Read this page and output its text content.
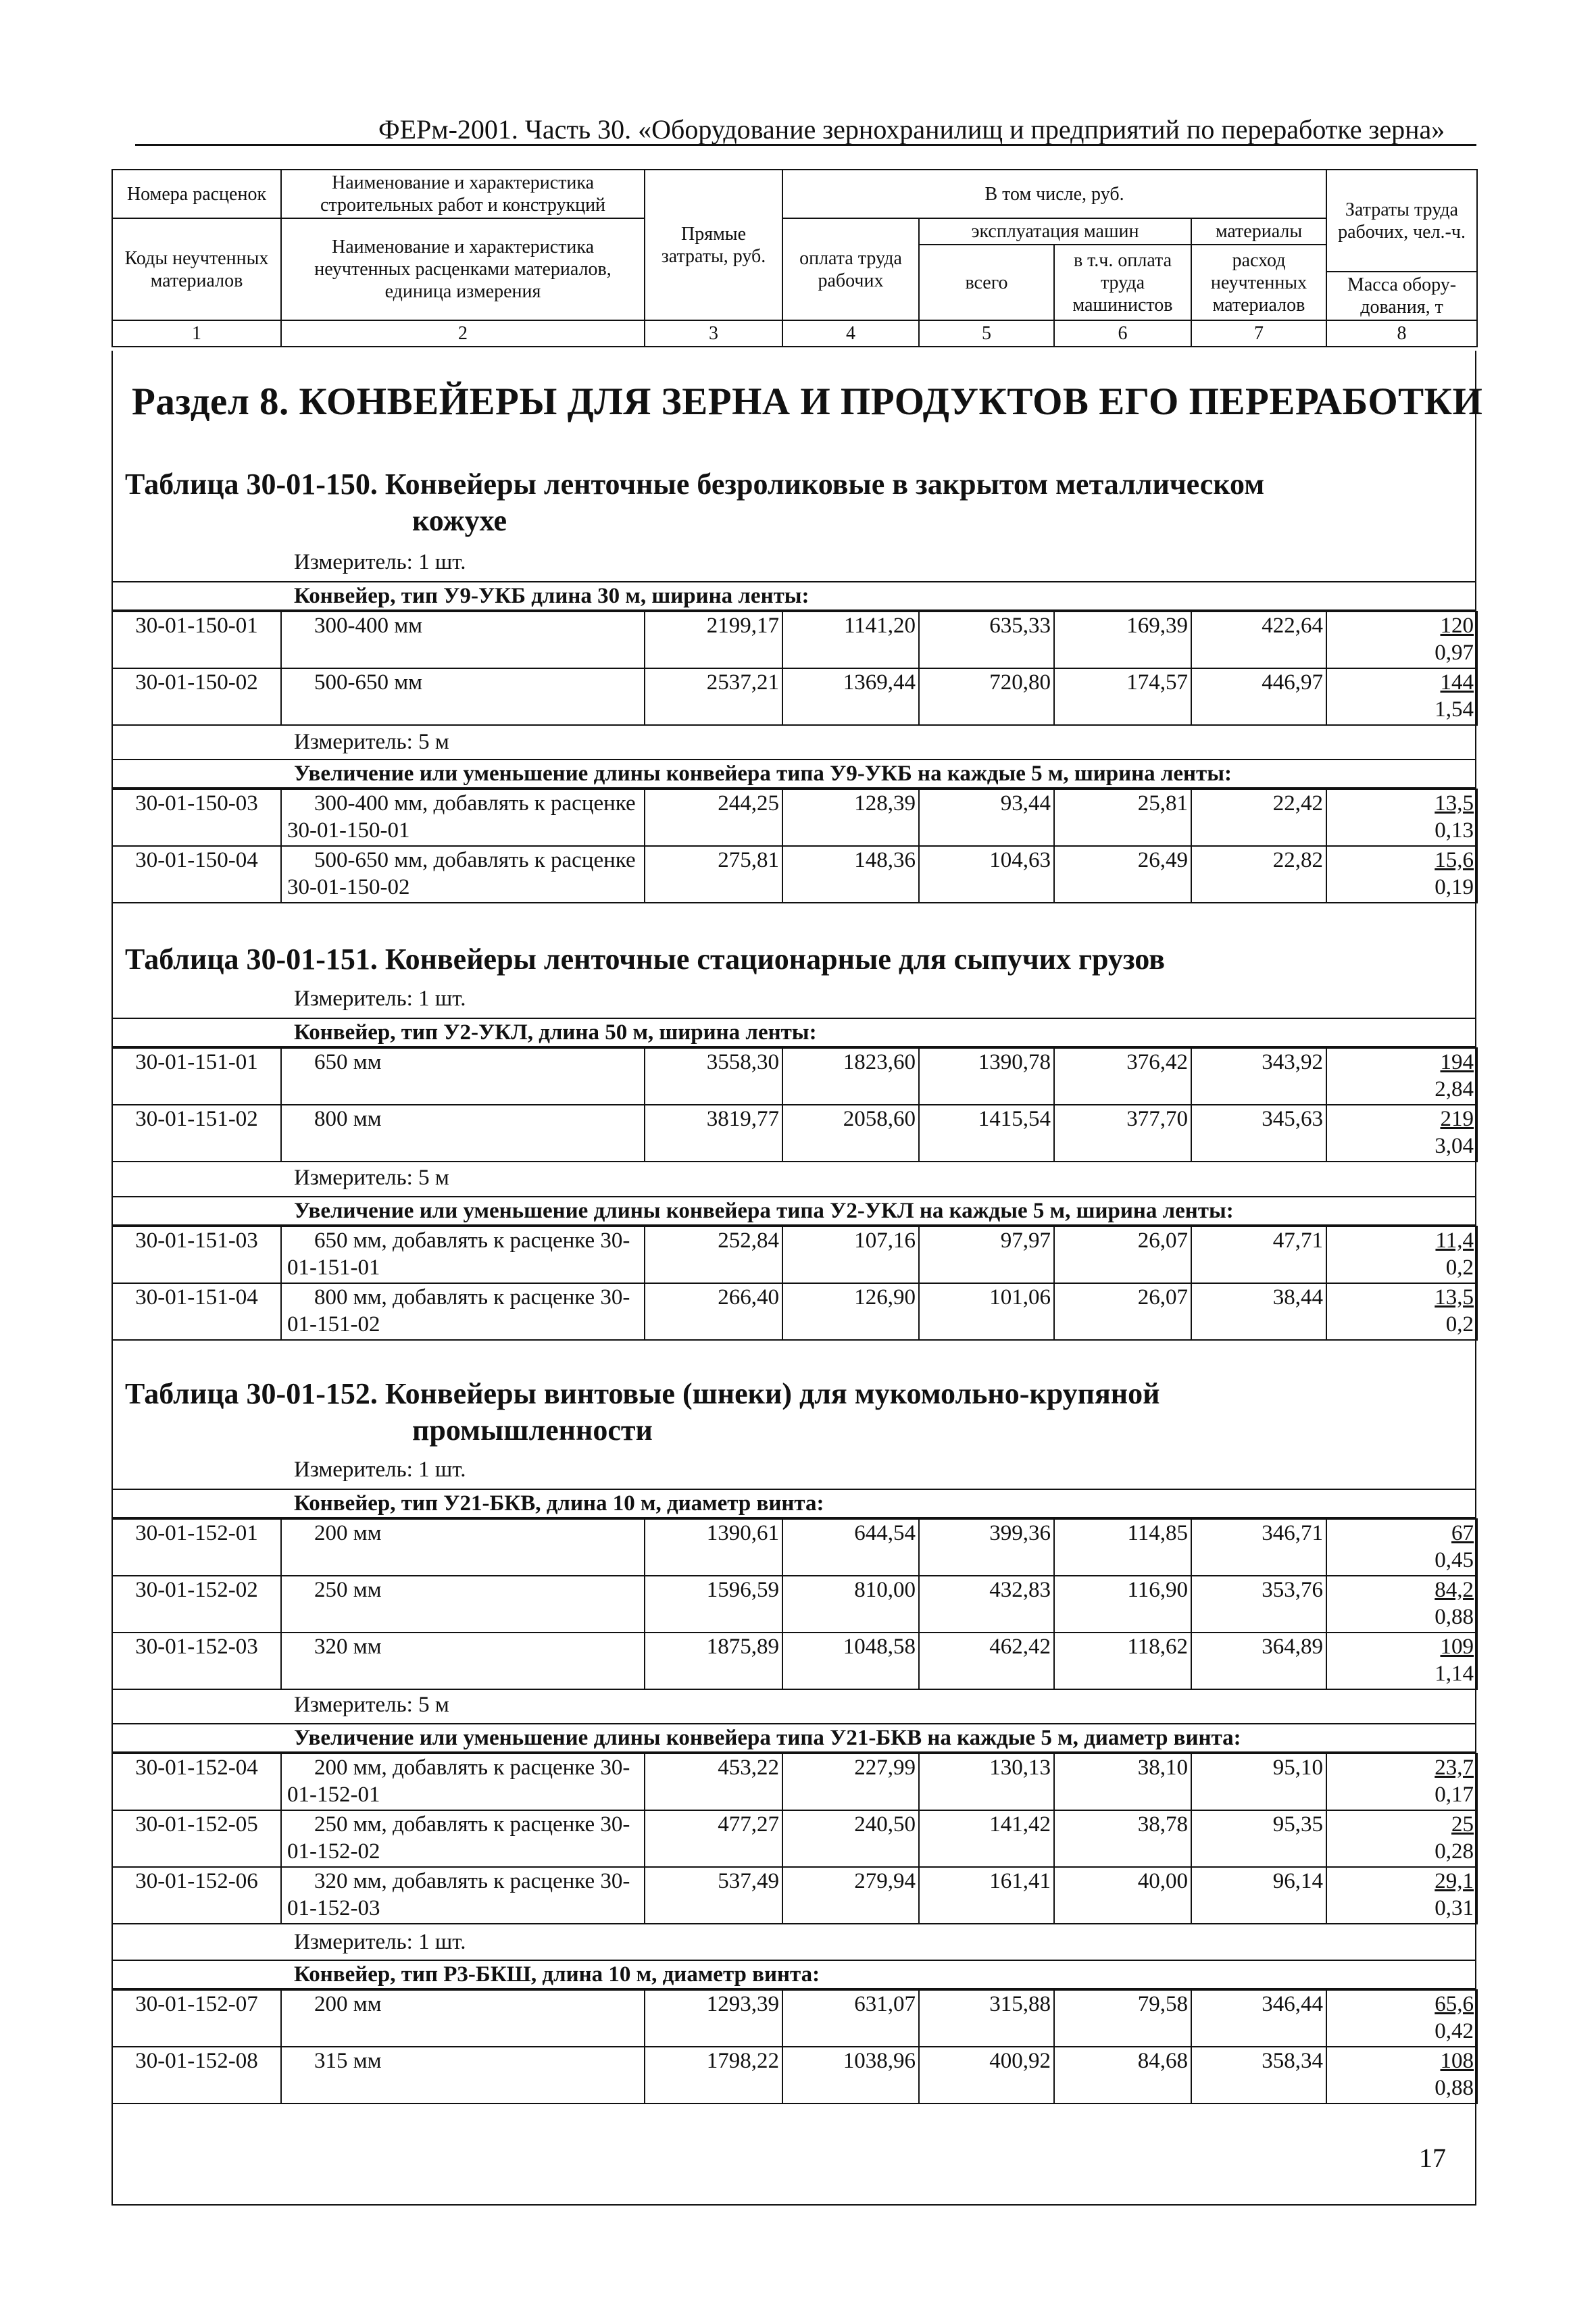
ФЕРм-2001. Часть 30. «Оборудование зернохранилищ и предприятий по переработке зерна»
Номера расценок	Наименование и характеристика строительных работ и конструкций	Прямые затраты, руб.	В том числе, руб.				Затраты труда рабочих, чел.-ч.
Коды неучтенных материалов	Наименование и характеристика неучтенных расценками материалов, единица измерения		оплата труда рабочих	эксплуатация машин		материалы	
				всего	в т.ч. оплата труда машинистов	расход неучтенных материалов	
							Масса обору-дования, т
1	2	3	4	5	6	7	8
Раздел 8. КОНВЕЙЕРЫ ДЛЯ ЗЕРНА И ПРОДУКТОВ ЕГО ПЕРЕРАБОТКИ
Таблица 30-01-150. Конвейеры ленточные безроликовые в закрытом металлическом
кожухе
Измеритель: 1 шт.
Конвейер, тип У9-УКБ длина 30 м, ширина ленты:
30-01-150-01	300-400 мм	2199,17	1141,20	635,33	169,39	422,64	120
0,97

30-01-150-02	500-650 мм	2537,21	1369,44	720,80	174,57	446,97	144
1,54
Измеритель: 5 м
Увеличение или уменьшение длины конвейера типа У9-УКБ на каждые 5 м, ширина ленты:
30-01-150-03	300-400 мм, добавлять к расценке 30-01-150-01	244,25	128,39	93,44	25,81	22,42	13,5
0,13

30-01-150-04	500-650 мм, добавлять к расценке 30-01-150-02	275,81	148,36	104,63	26,49	22,82	15,6
0,19
Таблица 30-01-151. Конвейеры ленточные стационарные для сыпучих грузов
Измеритель: 1 шт.
Конвейер, тип У2-УКЛ, длина 50 м, ширина ленты:
30-01-151-01	650 мм	3558,30	1823,60	1390,78	376,42	343,92	194
2,84

30-01-151-02	800 мм	3819,77	2058,60	1415,54	377,70	345,63	219
3,04
Измеритель: 5 м
Увеличение или уменьшение длины конвейера типа У2-УКЛ на каждые 5 м, ширина ленты:
30-01-151-03	650 мм, добавлять к расценке 30-01-151-01	252,84	107,16	97,97	26,07	47,71	11,4
0,2

30-01-151-04	800 мм, добавлять к расценке 30-01-151-02	266,40	126,90	101,06	26,07	38,44	13,5
0,2
Таблица 30-01-152. Конвейеры винтовые (шнеки) для мукомольно-крупяной
промышленности
Измеритель: 1 шт.
Конвейер, тип У21-БКВ, длина 10 м, диаметр винта:
30-01-152-01	200 мм	1390,61	644,54	399,36	114,85	346,71	67
0,45

30-01-152-02	250 мм	1596,59	810,00	432,83	116,90	353,76	84,2
0,88

30-01-152-03	320 мм	1875,89	1048,58	462,42	118,62	364,89	109
1,14
Измеритель: 5 м
Увеличение или уменьшение длины конвейера типа У21-БКВ на каждые 5 м, диаметр винта:
30-01-152-04	200 мм, добавлять к расценке 30-01-152-01	453,22	227,99	130,13	38,10	95,10	23,7
0,17

30-01-152-05	250 мм, добавлять к расценке 30-01-152-02	477,27	240,50	141,42	38,78	95,35	25
0,28

30-01-152-06	320 мм, добавлять к расценке 30-01-152-03	537,49	279,94	161,41	40,00	96,14	29,1
0,31
Измеритель: 1 шт.
Конвейер, тип Р3-БКШ, длина 10 м, диаметр винта:
30-01-152-07	200 мм	1293,39	631,07	315,88	79,58	346,44	65,6
0,42

30-01-152-08	315 мм	1798,22	1038,96	400,92	84,68	358,34	108
0,88
17
